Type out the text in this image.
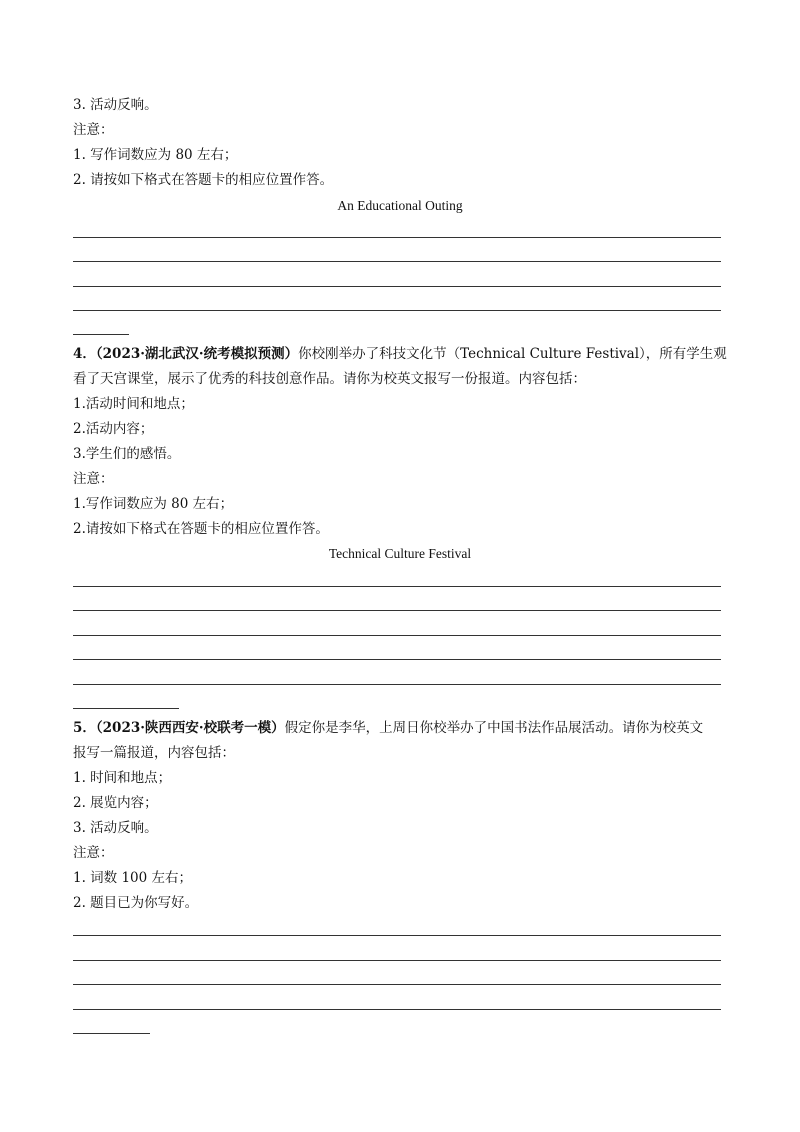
3. 活动反响。
注意：
1. 写作词数应为 80 左右；
2. 请按如下格式在答题卡的相应位置作答。
An Educational Outing
4．（2023·湖北武汉·统考模拟预测）你校刚举办了科技文化节（Technical Culture Festival），所有学生观
看了天宫课堂，展示了优秀的科技创意作品。请你为校英文报写一份报道。内容包括：
1.活动时间和地点；
2.活动内容；
3.学生们的感悟。
注意：
1.写作词数应为 80 左右；
2.请按如下格式在答题卡的相应位置作答。
Technical Culture Festival
5．（2023·陕西西安·校联考一模）假定你是李华，上周日你校举办了中国书法作品展活动。请你为校英文
报写一篇报道，内容包括：
1. 时间和地点；
2. 展览内容；
3. 活动反响。
注意：
1. 词数 100 左右；
2. 题目已为你写好。
